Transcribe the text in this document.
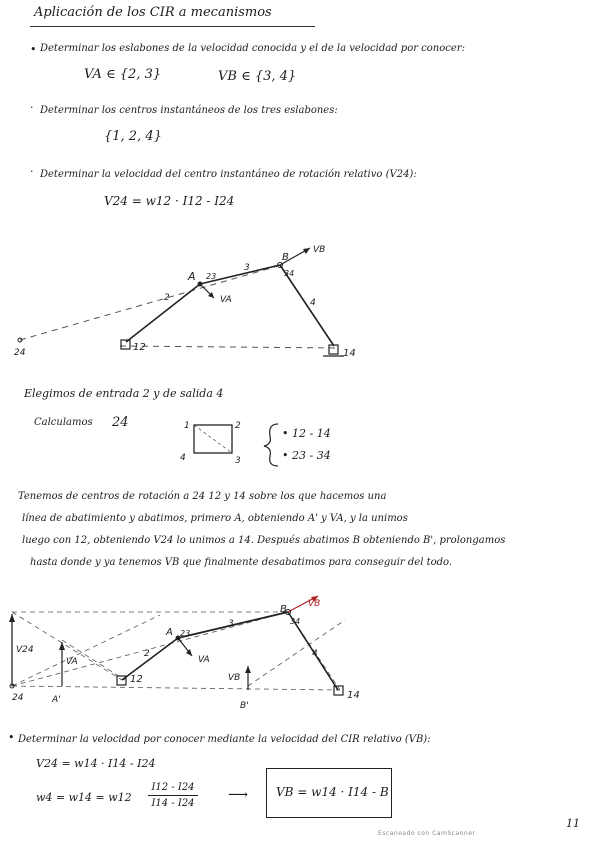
Aplicación de los CIR a mecanismos
• Determinar los eslabones de la velocidad conocida y el de la velocidad por conocer:
VA ∈ {2, 3}	VB ∈ {3, 4}
· Determinar los centros instantáneos de los tres eslabones:
{1, 2, 4}
· Determinar la velocidad del centro instantáneo de rotación relativo (V24):
V24 = w12 · I12 - I24
A 23
B
34
VB
VA
2
3
4
12
14
24
Elegimos de entrada 2 y de salida 4
Calculamos 24	1	2
4	3
• 12 - 14
• 23 - 34
Tenemos de centros de rotación a 24 12 y 14 sobre los que hacemos una
línea de abatimiento y abatimos, primero A, obteniendo A' y VA, y la unimos
luego con 12, obteniendo V24 lo unimos a 14. Después abatimos B obteniendo B', prolongamos
hasta donde y ya tenemos VB que finalmente desabatimos para conseguir del todo.
A 23
B
34
VB
VA
VB
V24
VA
2
3
4
12
14
24	A'
B'
• Determinar la velocidad por conocer mediante la velocidad del CIR relativo (VB):
V24 = w14 · I14 - I24
w4 = w14 = w12
I12 - I24
I14 - I24
⟶ VB = w14 · I14 - B
Escaneado con CamScanner
11
